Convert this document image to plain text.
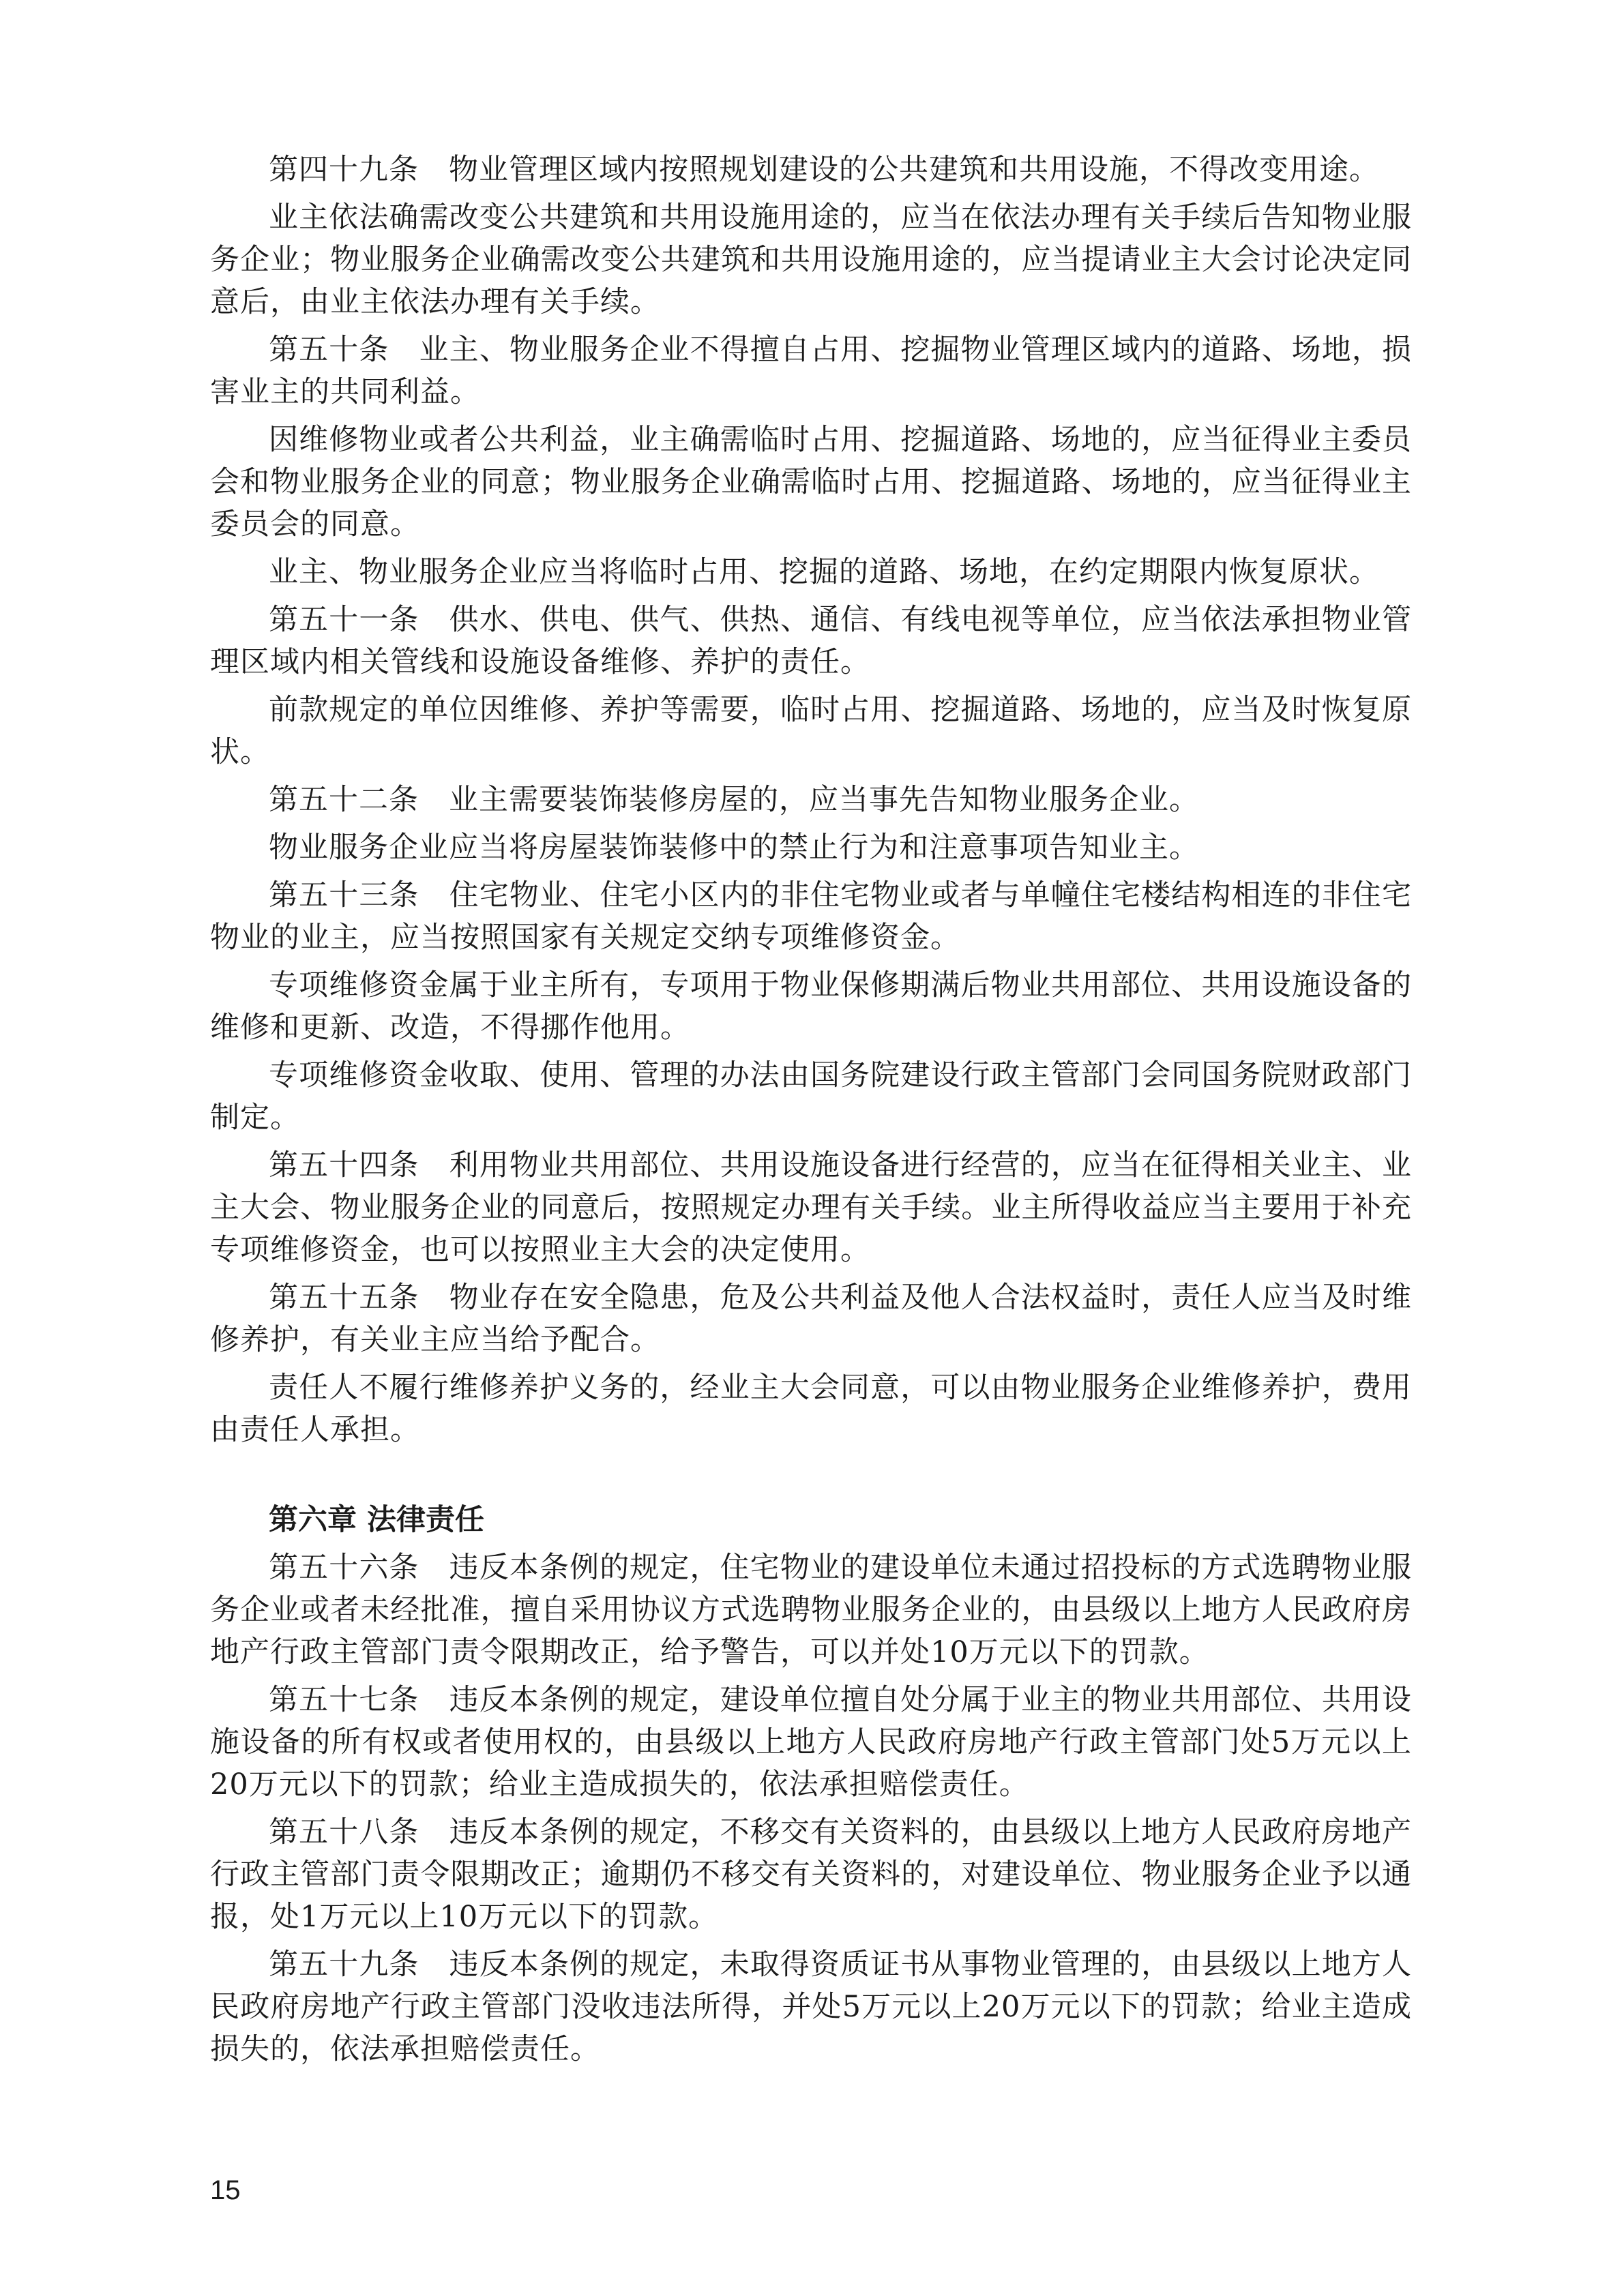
第四十九条　物业管理区域内按照规划建设的公共建筑和共用设施，不得改变用途。

业主依法确需改变公共建筑和共用设施用途的，应当在依法办理有关手续后告知物业服务企业；物业服务企业确需改变公共建筑和共用设施用途的，应当提请业主大会讨论决定同意后，由业主依法办理有关手续。

第五十条　业主、物业服务企业不得擅自占用、挖掘物业管理区域内的道路、场地，损害业主的共同利益。

因维修物业或者公共利益，业主确需临时占用、挖掘道路、场地的，应当征得业主委员会和物业服务企业的同意；物业服务企业确需临时占用、挖掘道路、场地的，应当征得业主委员会的同意。

业主、物业服务企业应当将临时占用、挖掘的道路、场地，在约定期限内恢复原状。

第五十一条　供水、供电、供气、供热、通信、有线电视等单位，应当依法承担物业管理区域内相关管线和设施设备维修、养护的责任。

前款规定的单位因维修、养护等需要，临时占用、挖掘道路、场地的，应当及时恢复原状。

第五十二条　业主需要装饰装修房屋的，应当事先告知物业服务企业。

物业服务企业应当将房屋装饰装修中的禁止行为和注意事项告知业主。

第五十三条　住宅物业、住宅小区内的非住宅物业或者与单幢住宅楼结构相连的非住宅物业的业主，应当按照国家有关规定交纳专项维修资金。

专项维修资金属于业主所有，专项用于物业保修期满后物业共用部位、共用设施设备的维修和更新、改造，不得挪作他用。

专项维修资金收取、使用、管理的办法由国务院建设行政主管部门会同国务院财政部门制定。

第五十四条　利用物业共用部位、共用设施设备进行经营的，应当在征得相关业主、业主大会、物业服务企业的同意后，按照规定办理有关手续。业主所得收益应当主要用于补充专项维修资金，也可以按照业主大会的决定使用。

第五十五条　物业存在安全隐患，危及公共利益及他人合法权益时，责任人应当及时维修养护，有关业主应当给予配合。

责任人不履行维修养护义务的，经业主大会同意，可以由物业服务企业维修养护，费用由责任人承担。

第六章 法律责任

第五十六条　违反本条例的规定，住宅物业的建设单位未通过招投标的方式选聘物业服务企业或者未经批准，擅自采用协议方式选聘物业服务企业的，由县级以上地方人民政府房地产行政主管部门责令限期改正，给予警告，可以并处10万元以下的罚款。

第五十七条　违反本条例的规定，建设单位擅自处分属于业主的物业共用部位、共用设施设备的所有权或者使用权的，由县级以上地方人民政府房地产行政主管部门处5万元以上20万元以下的罚款；给业主造成损失的，依法承担赔偿责任。

第五十八条　违反本条例的规定，不移交有关资料的，由县级以上地方人民政府房地产行政主管部门责令限期改正；逾期仍不移交有关资料的，对建设单位、物业服务企业予以通报，处1万元以上10万元以下的罚款。

第五十九条　违反本条例的规定，未取得资质证书从事物业管理的，由县级以上地方人民政府房地产行政主管部门没收违法所得，并处5万元以上20万元以下的罚款；给业主造成损失的，依法承担赔偿责任。

15
